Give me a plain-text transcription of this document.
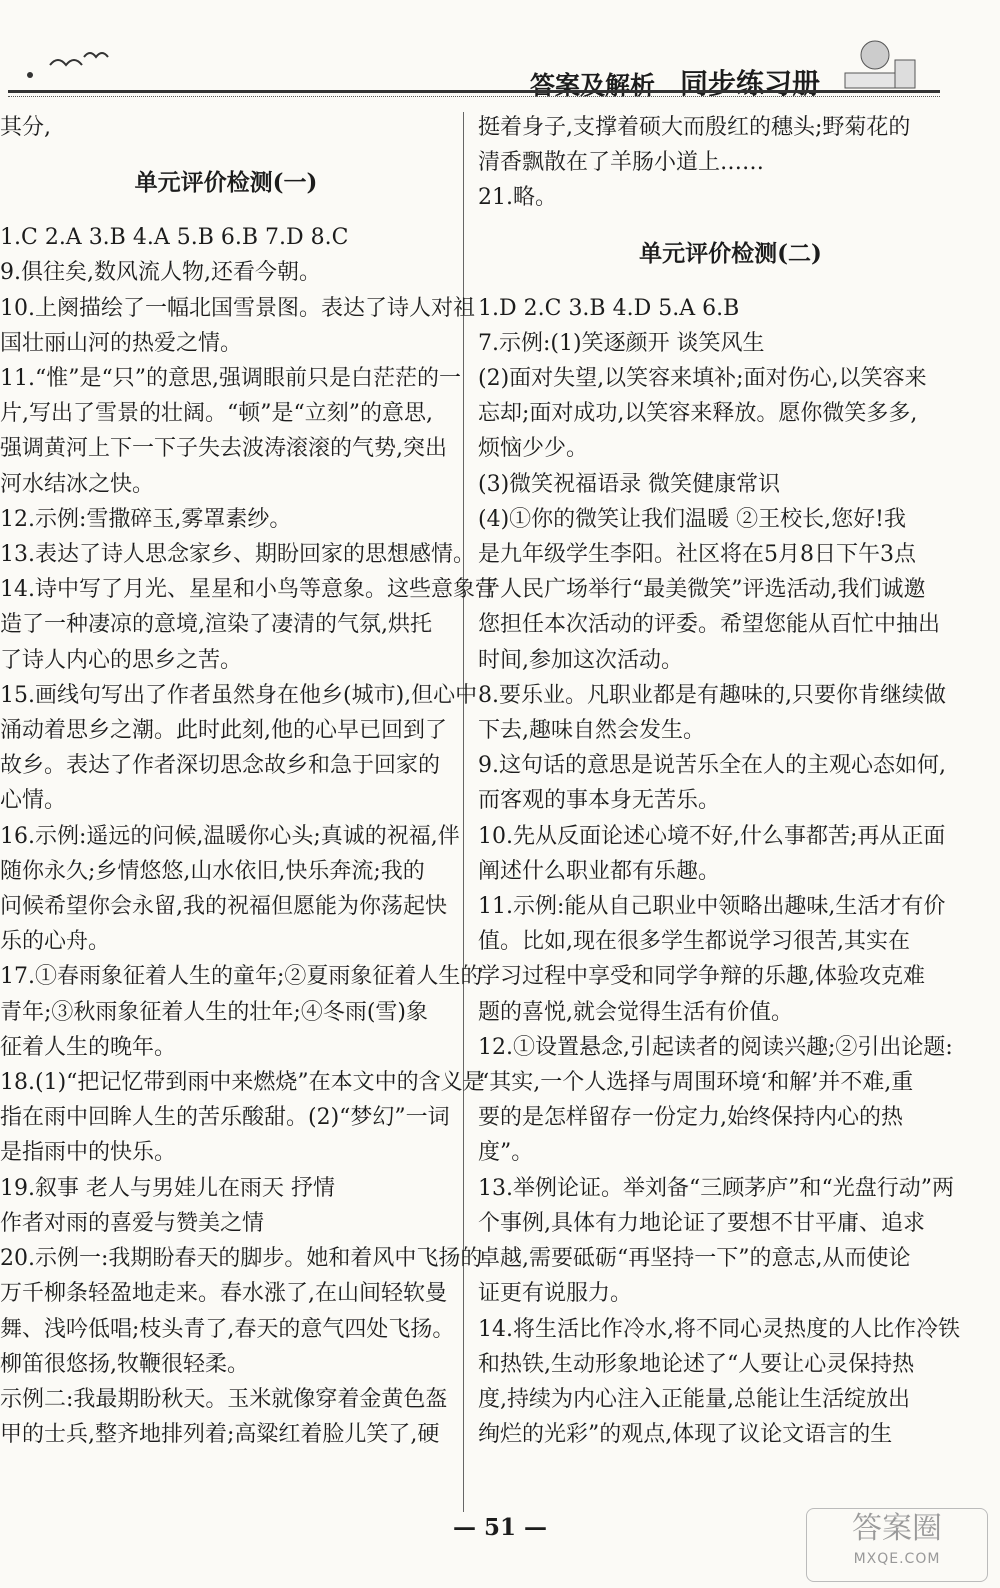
答案及解析 同步练习册

其分,

单元评价检测(一)

1.C 2.A 3.B 4.A 5.B 6.B 7.D 8.C

9.俱往矣,数风流人物,还看今朝。

10.上阕描绘了一幅北国雪景图。表达了诗人对祖

国壮丽山河的热爱之情。

11.“惟”是“只”的意思,强调眼前只是白茫茫的一

片,写出了雪景的壮阔。“顿”是“立刻”的意思,

强调黄河上下一下子失去波涛滚滚的气势,突出

河水结冰之快。

12.示例:雪撒碎玉,雾罩素纱。

13.表达了诗人思念家乡、期盼回家的思想感情。

14.诗中写了月光、星星和小鸟等意象。这些意象营

造了一种凄凉的意境,渲染了凄清的气氛,烘托

了诗人内心的思乡之苦。

15.画线句写出了作者虽然身在他乡(城市),但心中

涌动着思乡之潮。此时此刻,他的心早已回到了

故乡。表达了作者深切思念故乡和急于回家的

心情。

16.示例:遥远的问候,温暖你心头;真诚的祝福,伴

随你永久;乡情悠悠,山水依旧,快乐奔流;我的

问候希望你会永留,我的祝福但愿能为你荡起快

乐的心舟。

17.①春雨象征着人生的童年;②夏雨象征着人生的

青年;③秋雨象征着人生的壮年;④冬雨(雪)象

征着人生的晚年。

18.(1)“把记忆带到雨中来燃烧”在本文中的含义是

指在雨中回眸人生的苦乐酸甜。(2)“梦幻”一词

是指雨中的快乐。

19.叙事 老人与男娃儿在雨天 抒情

作者对雨的喜爱与赞美之情

20.示例一:我期盼春天的脚步。她和着风中飞扬的

万千柳条轻盈地走来。春水涨了,在山间轻软曼

舞、浅吟低唱;枝头青了,春天的意气四处飞扬。

柳笛很悠扬,牧鞭很轻柔。

示例二:我最期盼秋天。玉米就像穿着金黄色盔

甲的士兵,整齐地排列着;高粱红着脸儿笑了,硬

挺着身子,支撑着硕大而殷红的穗头;野菊花的

清香飘散在了羊肠小道上……

21.略。

单元评价检测(二)

1.D 2.C 3.B 4.D 5.A 6.B

7.示例:(1)笑逐颜开 谈笑风生

(2)面对失望,以笑容来填补;面对伤心,以笑容来

忘却;面对成功,以笑容来释放。愿你微笑多多,

烦恼少少。

(3)微笑祝福语录 微笑健康常识

(4)①你的微笑让我们温暖 ②王校长,您好!我

是九年级学生李阳。社区将在5月8日下午3点

于人民广场举行“最美微笑”评选活动,我们诚邀

您担任本次活动的评委。希望您能从百忙中抽出

时间,参加这次活动。

8.要乐业。凡职业都是有趣味的,只要你肯继续做

下去,趣味自然会发生。

9.这句话的意思是说苦乐全在人的主观心态如何,

而客观的事本身无苦乐。

10.先从反面论述心境不好,什么事都苦;再从正面

阐述什么职业都有乐趣。

11.示例:能从自己职业中领略出趣味,生活才有价

值。比如,现在很多学生都说学习很苦,其实在

学习过程中享受和同学争辩的乐趣,体验攻克难

题的喜悦,就会觉得生活有价值。

12.①设置悬念,引起读者的阅读兴趣;②引出论题:

“其实,一个人选择与周围环境‘和解’并不难,重

要的是怎样留存一份定力,始终保持内心的热

度”。

13.举例论证。举刘备“三顾茅庐”和“光盘行动”两

个事例,具体有力地论证了要想不甘平庸、追求

卓越,需要砥砺“再坚持一下”的意志,从而使论

证更有说服力。

14.将生活比作冷水,将不同心灵热度的人比作冷铁

和热铁,生动形象地论述了“人要让心灵保持热

度,持续为内心注入正能量,总能让生活绽放出

绚烂的光彩”的观点,体现了议论文语言的生

— 51 —	答案圈
MXQE.COM
